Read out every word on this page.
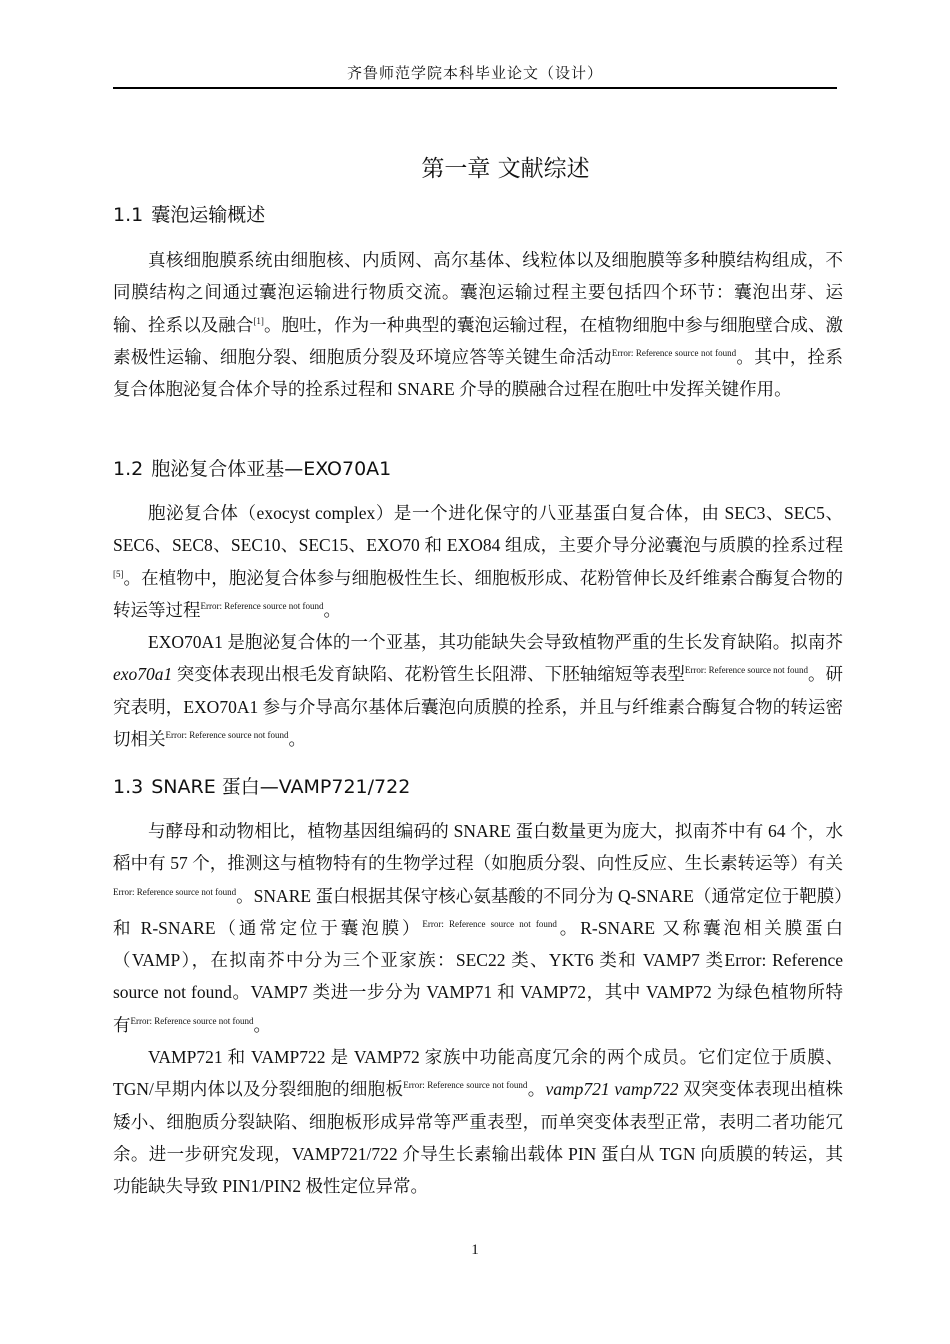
齐鲁师范学院本科毕业论文（设计）
第一章 文献综述
1.1 囊泡运输概述

真核细胞膜系统由细胞核、内质网、高尔基体、线粒体以及细胞膜等多种膜结构组成，不同膜结构之间通过囊泡运输进行物质交流。囊泡运输过程主要包括四个环节：囊泡出芽、运输、拴系以及融合[1]。胞吐，作为一种典型的囊泡运输过程，在植物细胞中参与细胞壁合成、激素极性运输、细胞分裂、细胞质分裂及环境应答等关键生命活动$^{Error: Reference source not found}$。其中，拴系复合体胞泌复合体介导的拴系过程和 SNARE 介导的膜融合过程在胞吐中发挥关键作用。

1.2 胞泌复合体亚基—EXO70A1

胞泌复合体（exocyst complex）是一个进化保守的八亚基蛋白复合体，由 SEC3、SEC5、SEC6、SEC8、SEC10、SEC15、EXO70 和 EXO84 组成，主要介导分泌囊泡与质膜的拴系过程[5]。在植物中，胞泌复合体参与细胞极性生长、细胞板形成、花粉管伸长及纤维素合酶复合物的转运等过程$^{Error: Reference source not found}$。

EXO70A1 是胞泌复合体的一个亚基，其功能缺失会导致植物严重的生长发育缺陷。拟南芥 exo70a1 突变体表现出根毛发育缺陷、花粉管生长阻滞、下胚轴缩短等表型$^{Error: Reference source not found}$。研究表明，EXO70A1 参与介导高尔基体后囊泡向质膜的拴系，并且与纤维素合酶复合物的转运密切相关$^{Error: Reference source not found}$。

1.3 SNARE 蛋白—VAMP721/722

与酵母和动物相比，植物基因组编码的 SNARE 蛋白数量更为庞大，拟南芥中有 64 个，水稻中有 57 个，推测这与植物特有的生物学过程（如胞质分裂、向性反应、生长素转运等）有关$^{Error: Reference source not found}$。SNARE 蛋白根据其保守核心氨基酸的不同分为 Q-SNARE（通常定位于靶膜）和 R-SNARE（通常定位于囊泡膜）$^{Error: Reference source not found}$。R-SNARE 又称囊泡相关膜蛋白（VAMP），在拟南芥中分为三个亚家族：SEC22 类、YKT6 类和 VAMP7 类Error: Reference source not found。VAMP7 类进一步分为 VAMP71 和 VAMP72，其中 VAMP72 为绿色植物所特有$^{Error: Reference source not found}$。

VAMP721 和 VAMP722 是 VAMP72 家族中功能高度冗余的两个成员。它们定位于质膜、TGN/早期内体以及分裂细胞的细胞板$^{Error: Reference source not found}$。vamp721 vamp722 双突变体表现出植株矮小、细胞质分裂缺陷、细胞板形成异常等严重表型，而单突变体表型正常，表明二者功能冗余。进一步研究发现，VAMP721/722 介导生长素输出载体 PIN 蛋白从 TGN 向质膜的转运，其功能缺失导致 PIN1/PIN2 极性定位异常。

1
